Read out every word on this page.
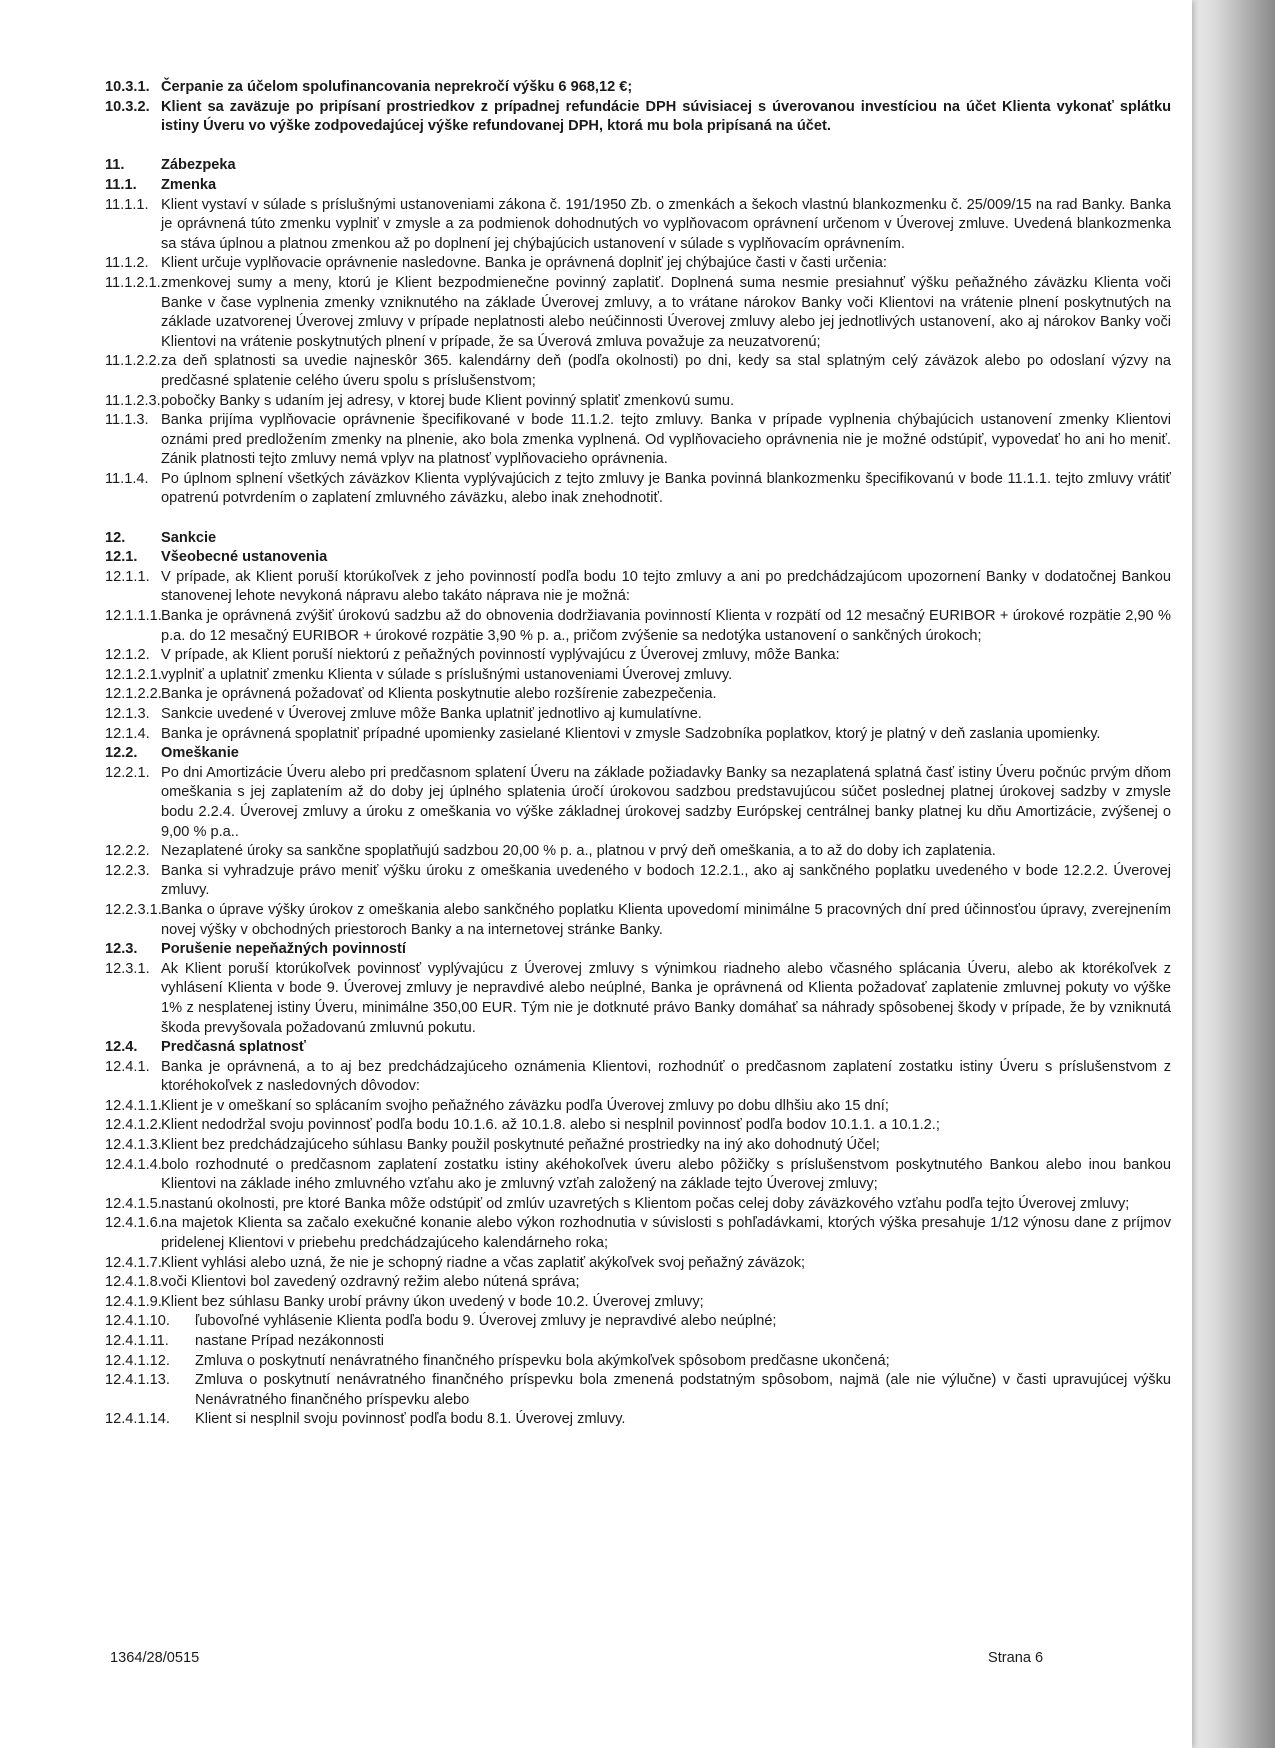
10.3.1. Čerpanie za účelom spolufinancovania neprekročí výšku 6 968,12 €;
10.3.2. Klient sa zaväzuje po pripísaní prostriedkov z prípadnej refundácie DPH súvisiacej s úverovanou investíciou na účet Klienta vykonať splátku istiny Úveru vo výške zodpovedajúcej výške refundovanej DPH, ktorá mu bola pripísaná na účet.
11.	Zábezpeka
11.1.	Zmenka
11.1.1. Klient vystaví v súlade s príslušnými ustanoveniami zákona č. 191/1950 Zb. o zmenkách a šekoch vlastnú blankozmenku č. 25/009/15 na rad Banky. Banka je oprávnená túto zmenku vyplniť v zmysle a za podmienok dohodnutých vo vyplňovacom oprávnení určenom v Úverovej zmluve. Uvedená blankozmenka sa stáva úplnou a platnou zmenkou až po doplnení jej chýbajúcich ustanovení v súlade s vyplňovacím oprávnením.
11.1.2. Klient určuje vyplňovacie oprávnenie nasledovne. Banka je oprávnená doplniť jej chýbajúce časti v časti určenia:
11.1.2.1. zmenkovej sumy a meny, ktorú je Klient bezpodmienečne povinný zaplatiť. Doplnená suma nesmie presiahnuť výšku peňažného záväzku Klienta voči Banke v čase vyplnenia zmenky vzniknutého na základe Úverovej zmluvy, a to vrátane nárokov Banky voči Klientovi na vrátenie plnení poskytnutých na základe uzatvorenej Úverovej zmluvy v prípade neplatnosti alebo neúčinnosti Úverovej zmluvy alebo jej jednotlivých ustanovení, ako aj nárokov Banky voči Klientovi na vrátenie poskytnutých plnení v prípade, že sa Úverová zmluva považuje za neuzatvorenú;
11.1.2.2. za deň splatnosti sa uvedie najneskôr 365. kalendárny deň (podľa okolnosti) po dni, kedy sa stal splatným celý záväzok alebo po odoslaní výzvy na predčasné splatenie celého úveru spolu s príslušenstvom;
11.1.2.3. pobočky Banky s udaním jej adresy, v ktorej bude Klient povinný splatiť zmenkovú sumu.
11.1.3. Banka prijíma vyplňovacie oprávnenie špecifikované v bode 11.1.2. tejto zmluvy. Banka v prípade vyplnenia chýbajúcich ustanovení zmenky Klientovi oznámi pred predložením zmenky na plnenie, ako bola zmenka vyplnená. Od vyplňovacieho oprávnenia nie je možné odstúpiť, vypovedať ho ani ho meniť. Zánik platnosti tejto zmluvy nemá vplyv na platnosť vyplňovacieho oprávnenia.
11.1.4. Po úplnom splnení všetkých záväzkov Klienta vyplývajúcich z tejto zmluvy je Banka povinná blankozmenku špecifikovanú v bode 11.1.1. tejto zmluvy vrátiť opatrenú potvrdením o zaplatení zmluvného záväzku, alebo inak znehodnotiť.
12.	Sankcie
12.1.	Všeobecné ustanovenia
12.1.1. V prípade, ak Klient poruší ktorúkoľvek z jeho povinností podľa bodu 10 tejto zmluvy a ani po predchádzajúcom upozornení Banky v dodatočnej Bankou stanovenej lehote nevykoná nápravu alebo takáto náprava nie je možná:
12.1.1.1. Banka je oprávnená zvýšiť úrokovú sadzbu až do obnovenia dodržiavania povinností Klienta v rozpätí od 12 mesačný EURIBOR + úrokové rozpätie 2,90 % p.a. do 12 mesačný EURIBOR + úrokové rozpätie 3,90 % p. a., pričom zvýšenie sa nedotýka ustanovení o sankčných úrokoch;
12.1.2. V prípade, ak Klient poruší niektorú z peňažných povinností vyplývajúcu z Úverovej zmluvy, môže Banka:
12.1.2.1. vyplniť a uplatniť zmenku Klienta v súlade s príslušnými ustanoveniami Úverovej zmluvy.
12.1.2.2. Banka je oprávnená požadovať od Klienta poskytnutie alebo rozšírenie zabezpečenia.
12.1.3. Sankcie uvedené v Úverovej zmluve môže Banka uplatniť jednotlivo aj kumulatívne.
12.1.4. Banka je oprávnená spoplatniť prípadné upomienky zasielané Klientovi v zmysle Sadzobníka poplatkov, ktorý je platný v deň zaslania upomienky.
12.2.	Omeškanie
12.2.1. Po dni Amortizácie Úveru alebo pri predčasnom splatení Úveru na základe požiadavky Banky sa nezaplatená splatná časť istiny Úveru počnúc prvým dňom omeškania s jej zaplatením až do doby jej úplného splatenia úročí úrokovou sadzbou predstavujúcou súčet poslednej platnej úrokovej sadzby v zmysle bodu 2.2.4. Úverovej zmluvy a úroku z omeškania vo výške základnej úrokovej sadzby Európskej centrálnej banky platnej ku dňu Amortizácie, zvýšenej o 9,00 % p.a..
12.2.2. Nezaplatené úroky sa sankčne spoplatňujú sadzbou 20,00 % p. a., platnou v prvý deň omeškania, a to až do doby ich zaplatenia.
12.2.3. Banka si vyhradzuje právo meniť výšku úroku z omeškania uvedeného v bodoch 12.2.1., ako aj sankčného poplatku uvedeného v bode 12.2.2. Úverovej zmluvy.
12.2.3.1. Banka o úprave výšky úrokov z omeškania alebo sankčného poplatku Klienta upovedomí minimálne 5 pracovných dní pred účinnosťou úpravy, zverejnením novej výšky v obchodných priestoroch Banky a na internetovej stránke Banky.
12.3.	Porušenie nepeňažných povinností
12.3.1. Ak Klient poruší ktorúkoľvek povinnosť vyplývajúcu z Úverovej zmluvy s výnimkou riadneho alebo včasného splácania Úveru, alebo ak ktorékoľvek z vyhlásení Klienta v bode 9. Úverovej zmluvy je nepravdivé alebo neúplné, Banka je oprávnená od Klienta požadovať zaplatenie zmluvnej pokuty vo výške 1% z nesplatenej istiny Úveru, minimálne 350,00 EUR. Tým nie je dotknuté právo Banky domáhať sa náhrady spôsobenej škody v prípade, že by vzniknutá škoda prevyšovala požadovanú zmluvnú pokutu.
12.4.	Predčasná splatnosť
12.4.1. Banka je oprávnená, a to aj bez predchádzajúceho oznámenia Klientovi, rozhodnúť o predčasnom zaplatení zostatku istiny Úveru s príslušenstvom z ktoréhokoľvek z nasledovných dôvodov:
12.4.1.1. Klient je v omeškaní so splácaním svojho peňažného záväzku podľa Úverovej zmluvy po dobu dlhšiu ako 15 dní;
12.4.1.2. Klient nedodržal svoju povinnosť podľa bodu 10.1.6. až 10.1.8. alebo si nesplnil povinnosť podľa bodov 10.1.1. a 10.1.2.;
12.4.1.3. Klient bez predchádzajúceho súhlasu Banky použil poskytnuté peňažné prostriedky na iný ako dohodnutý Účel;
12.4.1.4. bolo rozhodnuté o predčasnom zaplatení zostatku istiny akéhokoľvek úveru alebo pôžičky s príslušenstvom poskytnutého Bankou alebo inou bankou Klientovi na základe iného zmluvného vzťahu ako je zmluvný vzťah založený na základe tejto Úverovej zmluvy;
12.4.1.5. nastanú okolnosti, pre ktoré Banka môže odstúpiť od zmlúv uzavretých s Klientom počas celej doby záväzkového vzťahu podľa tejto Úverovej zmluvy;
12.4.1.6. na majetok Klienta sa začalo exekučné konanie alebo výkon rozhodnutia v súvislosti s pohľadávkami, ktorých výška presahuje 1/12 výnosu dane z príjmov pridelenej Klientovi v priebehu predchádzajúceho kalendárneho roka;
12.4.1.7. Klient vyhlási alebo uzná, že nie je schopný riadne a včas zaplatiť akýkoľvek svoj peňažný záväzok;
12.4.1.8. voči Klientovi bol zavedený ozdravný režim alebo nútená správa;
12.4.1.9. Klient bez súhlasu Banky urobí právny úkon uvedený v bode 10.2. Úverovej zmluvy;
12.4.1.10.	ľubovoľné vyhlásenie Klienta podľa bodu 9. Úverovej zmluvy je nepravdivé alebo neúplné;
12.4.1.11.	nastane Prípad nezákonnosti
12.4.1.12.	Zmluva o poskytnutí nenávratného finančného príspevku bola akýmkoľvek spôsobom predčasne ukončená;
12.4.1.13.	Zmluva o poskytnutí nenávratného finančného príspevku bola zmenená podstatným spôsobom, najmä (ale nie výlučne) v časti upravujúcej výšku Nenávratného finančného príspevku alebo
12.4.1.14.	Klient si nesplnil svoju povinnosť podľa bodu 8.1. Úverovej zmluvy.
1364/28/0515	Strana 6
